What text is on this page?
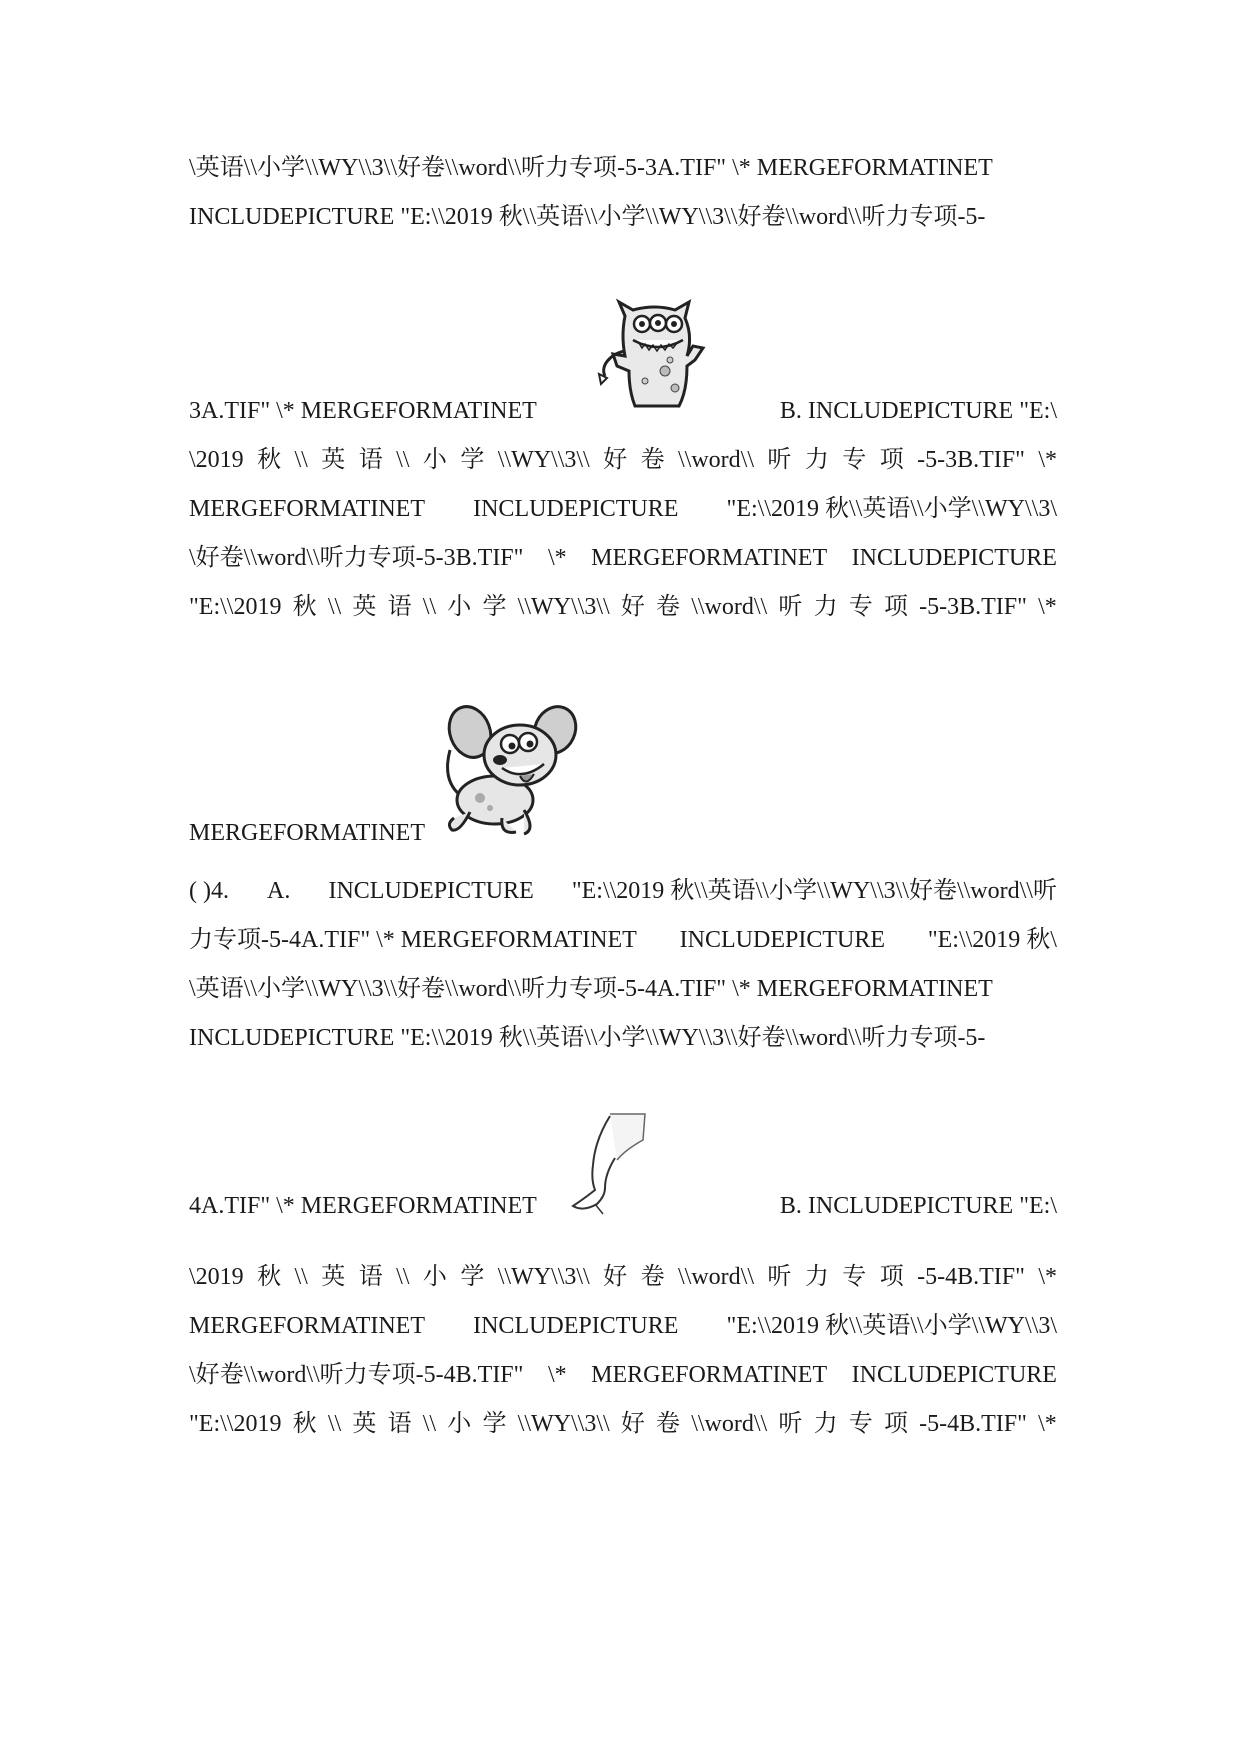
\英语\\小学\\WY\\3\\好卷\\word\\听力专项-5-3A.TIF" \* MERGEFORMATINET
INCLUDEPICTURE "E:\\2019 秋\\英语\\小学\\WY\\3\\好卷\\word\\听力专项-5-
3A.TIF" \* MERGEFORMATINET	B. INCLUDEPICTURE "E:\
\2019 秋 \\ 英 语 \\ 小 学 \\WY\\3\\ 好 卷 \\word\\ 听 力 专 项 -5-3B.TIF" \*
MERGEFORMATINET INCLUDEPICTURE "E:\\2019 秋\\英语\\小学\\WY\\3\
\好卷\\word\\听力专项-5-3B.TIF" \* MERGEFORMATINET INCLUDEPICTURE
"E:\\2019 秋 \\ 英 语 \\ 小 学 \\WY\\3\\ 好 卷 \\word\\ 听 力 专 项 -5-3B.TIF" \*
MERGEFORMATINET
( )4. A. INCLUDEPICTURE "E:\\2019 秋\\英语\\小学\\WY\\3\\好卷\\word\\听
力专项-5-4A.TIF" \* MERGEFORMATINET INCLUDEPICTURE "E:\\2019 秋\
\英语\\小学\\WY\\3\\好卷\\word\\听力专项-5-4A.TIF" \* MERGEFORMATINET
INCLUDEPICTURE "E:\\2019 秋\\英语\\小学\\WY\\3\\好卷\\word\\听力专项-5-
4A.TIF" \* MERGEFORMATINET	B. INCLUDEPICTURE "E:\
\2019 秋 \\ 英 语 \\ 小 学 \\WY\\3\\ 好 卷 \\word\\ 听 力 专 项 -5-4B.TIF" \*
MERGEFORMATINET INCLUDEPICTURE "E:\\2019 秋\\英语\\小学\\WY\\3\
\好卷\\word\\听力专项-5-4B.TIF" \* MERGEFORMATINET INCLUDEPICTURE
"E:\\2019 秋 \\ 英 语 \\ 小 学 \\WY\\3\\ 好 卷 \\word\\ 听 力 专 项 -5-4B.TIF" \*
